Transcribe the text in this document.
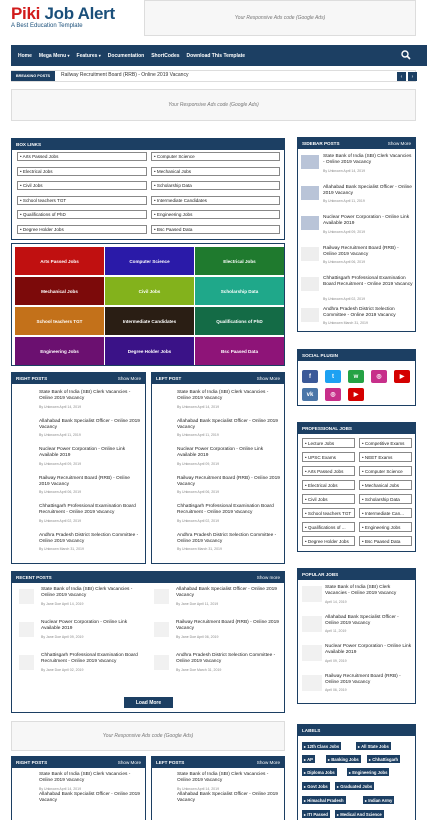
Piki Job Alert
A Best Education Template
Your Responsive Ads code (Google Ads)
Home Mega Menu ▾ Features ▾ Documentation ShortCodes Download This Template
BREAKING POSTS	Railway Recruitment Board (RRB) - Online 2019 Vacancy	‹	›
Your Responsive Ads code (Google Ads)
BOX LINKS
RIGHT POSTS	Show More	LEFT POST	Show More
RECENT POSTS	Show more
Load More
Your Responsive Ads code (Google Ads)
RIGHT POSTS	Show More	LEFT POSTS	Show More
SIDEBAR POSTS	Show More
SOCIAL PLUGIN
PROFESSIONAL JOBS
POPULAR JOBS
LABELS
• Arts Passed Jobs	• Computer Science
• Electrical Jobs	• Mechanical Jobs
• Civil Jobs	• Scholarship Data
• School teachers TGT	• Intermediate Candidates
• Qualifications of PhD	• Engineering Jobs
• Degree Holder Jobs	• Bsc Paased Data
Arts Passed Jobs	Computer Science	Electrical Jobs
Mechanical Jobs	Civil Jobs	Scholarship Data
School teachers TGT	Intermediate Candidates	Qualifications of PhD
Engineering Jobs	Degree Holder Jobs	Bsc Paased Data
State Bank of India (SBI) Clerk Vacancies - Online 2019 Vacancy
By Unknown April 14, 2019
Allahabad Bank Specialist Officer - Online 2019 Vacancy
By Unknown April 11, 2019
Nuclear Power Corporation - Online Link Available 2019
By Unknown April 09, 2019
Railway Recruitment Board (RRB) - Online 2019 Vacancy
By Unknown April 06, 2019
Chhattisgarh Professional Examination Board Recruitment - Online 2019 Vacancy
By Unknown April 02, 2019
Andhra Pradesh District Selection Committee - Online 2019 Vacancy
By Unknown March 31, 2019
State Bank of India (SBI) Clerk Vacancies - Online 2019 Vacancy
By Unknown April 14, 2019
Allahabad Bank Specialist Officer - Online 2019 Vacancy
By Unknown April 11, 2019
Nuclear Power Corporation - Online Link Available 2019
By Unknown April 09, 2019
Railway Recruitment Board (RRB) - Online 2019 Vacancy
By Unknown April 06, 2019
Chhattisgarh Professional Examination Board Recruitment - Online 2019 Vacancy
By Unknown April 02, 2019
Andhra Pradesh District Selection Committee - Online 2019 Vacancy
By Unknown March 31, 2019
State Bank of India (SBI) Clerk Vacancies - Online 2019 Vacancy
By Jane Doe April 14, 2019
Allahabad Bank Specialist Officer - Online 2019 Vacancy
By Jane Doe April 11, 2019
Nuclear Power Corporation - Online Link Available 2019
By Jane Doe April 09, 2019
Railway Recruitment Board (RRB) - Online 2019 Vacancy
By Jane Doe April 06, 2019
Chhattisgarh Professional Examination Board Recruitment - Online 2019 Vacancy
By Jane Doe April 02, 2019
Andhra Pradesh District Selection Committee - Online 2019 Vacancy
By Jane Doe March 31, 2019
State Bank of India (SBI) Clerk Vacancies - Online 2019 Vacancy
By Unknown April 14, 2019
Allahabad Bank Specialist Officer - Online 2019 Vacancy
State Bank of India (SBI) Clerk Vacancies - Online 2019 Vacancy
By Unknown April 14, 2019
Allahabad Bank Specialist Officer - Online 2019 Vacancy
State Bank of India (SBI) Clerk Vacancies - Online 2019 Vacancy
By Unknown April 14, 2019
Allahabad Bank Specialist Officer - Online 2019 Vacancy
By Unknown April 11, 2019
Nuclear Power Corporation - Online Link Available 2019
By Unknown April 09, 2019
Railway Recruitment Board (RRB) - Online 2019 Vacancy
By Unknown April 06, 2019
Chhattisgarh Professional Examination Board Recruitment - Online 2019 Vacancy
By Unknown April 02, 2019
Andhra Pradesh District Selection Committee - Online 2019 Vacancy
By Unknown March 31, 2019
f	t	w	◎	▶
vk	◎	▶
• Lecture Jobs	• Competitive Exams
• UPSC Exams	• NEET Exams
• Arts Passed Jobs	• Computer Science
• Electrical Jobs	• Mechanical Jobs
• Civil Jobs	• Scholarship Data
• School teachers TGT	• Intermediate Can...
• Qualifications of ...	• Engineering Jobs
• Degree Holder Jobs	• Bsc Paased Data
State Bank of India (SBI) Clerk Vacancies - Online 2019 Vacancy
April 14, 2019
Allahabad Bank Specialist Officer - Online 2019 Vacancy
April 11, 2019
Nuclear Power Corporation - Online Link Available 2019
April 09, 2019
Railway Recruitment Board (RRB) - Online 2019 Vacancy
April 06, 2019
▸ 12th Class Jobs	▸ All State Jobs
▸ AP	▸ Banking Jobs	▸ Chhattisgarh
▸ Diploma Jobs	▸ Engineering Jobs
▸ Govt Jobs	▸ Graduated Jobs
▸ Himachal Pradesh	▸ Indian Army
▸ ITI Passed	▸ Medical And Science
